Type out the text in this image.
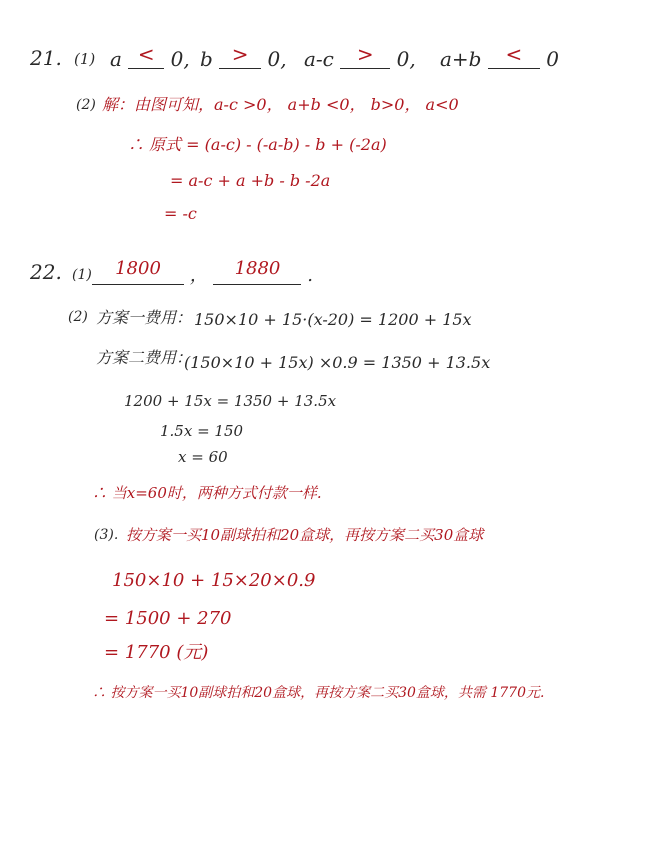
21. (1) a < 0, b > 0, a-c > 0, a+b < 0
(2) 解：由图可知，a-c >0， a+b <0， b>0， a<0
∴ 原式 = (a-c) - (-a-b) - b + (-2a)
= a-c + a +b - b -2a
= -c
22. (1)	1800 ， 1880 .
(2) 方案一费用： 150×10 + 15·(x-20) = 1200 + 15x
方案二费用：
(150×10 + 15x) ×0.9 = 1350 + 13.5x
1200 + 15x = 1350 + 13.5x
1.5x = 150
x = 60
∴ 当x=60时，两种方式付款一样.
(3). 按方案一买10副球拍和20盒球，再按方案二买30盒球
150×10 + 15×20×0.9
= 1500 + 270
= 1770 (元)
∴ 按方案一买10副球拍和20盒球，再按方案二买30盒球，共需 1770元.
